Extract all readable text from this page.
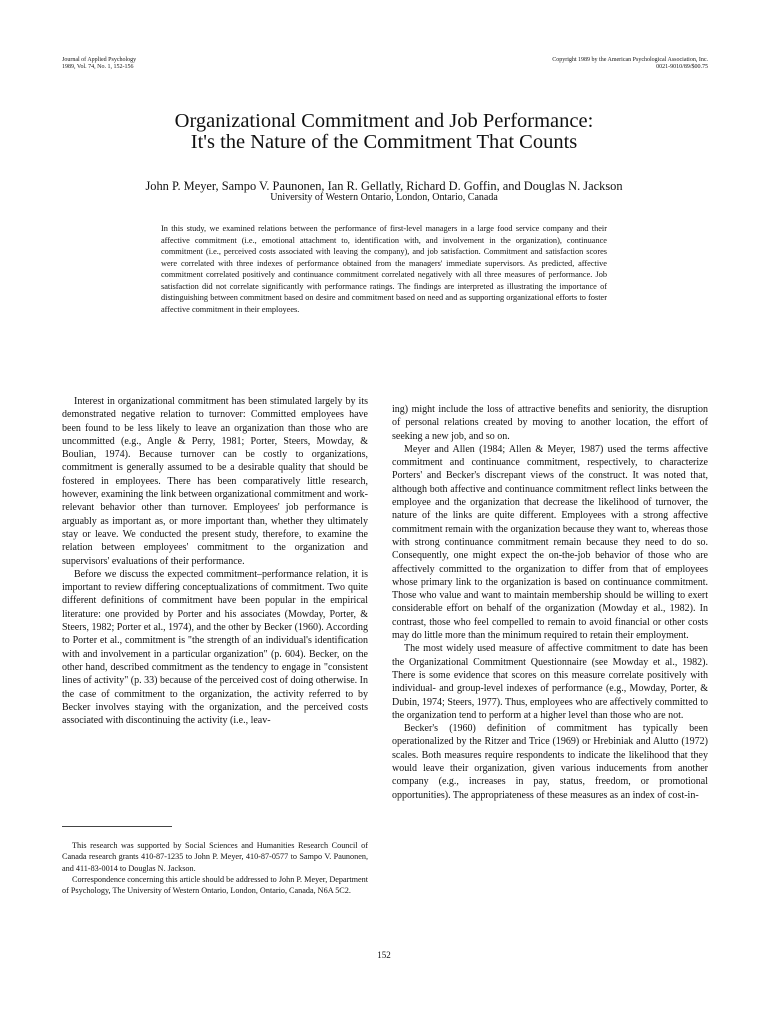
Journal of Applied Psychology
1989, Vol. 74, No. 1, 152-156
Copyright 1989 by the American Psychological Association, Inc.
0021-9010/89/$00.75
Organizational Commitment and Job Performance:
It's the Nature of the Commitment That Counts
John P. Meyer, Sampo V. Paunonen, Ian R. Gellatly, Richard D. Goffin, and Douglas N. Jackson
University of Western Ontario, London, Ontario, Canada
In this study, we examined relations between the performance of first-level managers in a large food service company and their affective commitment (i.e., emotional attachment to, identification with, and involvement in the organization), continuance commitment (i.e., perceived costs associated with leaving the company), and job satisfaction. Commitment and satisfaction scores were correlated with three indexes of performance obtained from the managers' immediate supervisors. As predicted, affective commitment correlated positively and continuance commitment correlated negatively with all three measures of performance. Job satisfaction did not correlate significantly with performance ratings. The findings are interpreted as illustrating the importance of distinguishing between commitment based on desire and commitment based on need and as supporting organizational efforts to foster affective commitment in their employees.

Interest in organizational commitment has been stimulated largely by its demonstrated negative relation to turnover: Committed employees have been found to be less likely to leave an organization than those who are uncommitted (e.g., Angle & Perry, 1981; Porter, Steers, Mowday, & Boulian, 1974). Because turnover can be costly to organizations, commitment is generally assumed to be a desirable quality that should be fostered in employees. There has been comparatively little research, however, examining the link between organizational commitment and work-relevant behavior other than turnover. Employees' job performance is arguably as important as, or more important than, whether they ultimately stay or leave. We conducted the present study, therefore, to examine the relation between employees' commitment to the organization and supervisors' evaluations of their performance.

Before we discuss the expected commitment–performance relation, it is important to review differing conceptualizations of commitment. Two quite different definitions of commitment have been popular in the empirical literature: one provided by Porter and his associates (Mowday, Porter, & Steers, 1982; Porter et al., 1974), and the other by Becker (1960). According to Porter et al., commitment is "the strength of an individual's identification with and involvement in a particular organization" (p. 604). Becker, on the other hand, described commitment as the tendency to engage in "consistent lines of activity" (p. 33) because of the perceived cost of doing otherwise. In the case of commitment to the organization, the activity referred to by Becker involves staying with the organization, and the perceived costs associated with discontinuing the activity (i.e., leav-

ing) might include the loss of attractive benefits and seniority, the disruption of personal relations created by moving to another location, the effort of seeking a new job, and so on.

Meyer and Allen (1984; Allen & Meyer, 1987) used the terms affective commitment and continuance commitment, respectively, to characterize Porters' and Becker's discrepant views of the construct. It was noted that, although both affective and continuance commitment reflect links between the employee and the organization that decrease the likelihood of turnover, the nature of the links are quite different. Employees with a strong affective commitment remain with the organization because they want to, whereas those with strong continuance commitment remain because they need to do so. Consequently, one might expect the on-the-job behavior of those who are affectively committed to the organization to differ from that of employees whose primary link to the organization is based on continuance commitment. Those who value and want to maintain membership should be willing to exert considerable effort on behalf of the organization (Mowday et al., 1982). In contrast, those who feel compelled to remain to avoid financial or other costs may do little more than the minimum required to retain their employment.

The most widely used measure of affective commitment to date has been the Organizational Commitment Questionnaire (see Mowday et al., 1982). There is some evidence that scores on this measure correlate positively with individual- and group-level indexes of performance (e.g., Mowday, Porter, & Dubin, 1974; Steers, 1977). Thus, employees who are affectively committed to the organization tend to perform at a higher level than those who are not.

Becker's (1960) definition of commitment has typically been operationalized by the Ritzer and Trice (1969) or Hrebiniak and Alutto (1972) scales. Both measures require respondents to indicate the likelihood that they would leave their organization, given various inducements from another company (e.g., increases in pay, status, freedom, or promotional opportunities). The appropriateness of these measures as an index of cost-in-

This research was supported by Social Sciences and Humanities Research Council of Canada research grants 410-87-1235 to John P. Meyer, 410-87-0577 to Sampo V. Paunonen, and 411-83-0014 to Douglas N. Jackson.

Correspondence concerning this article should be addressed to John P. Meyer, Department of Psychology, The University of Western Ontario, London, Ontario, Canada, N6A 5C2.

152
